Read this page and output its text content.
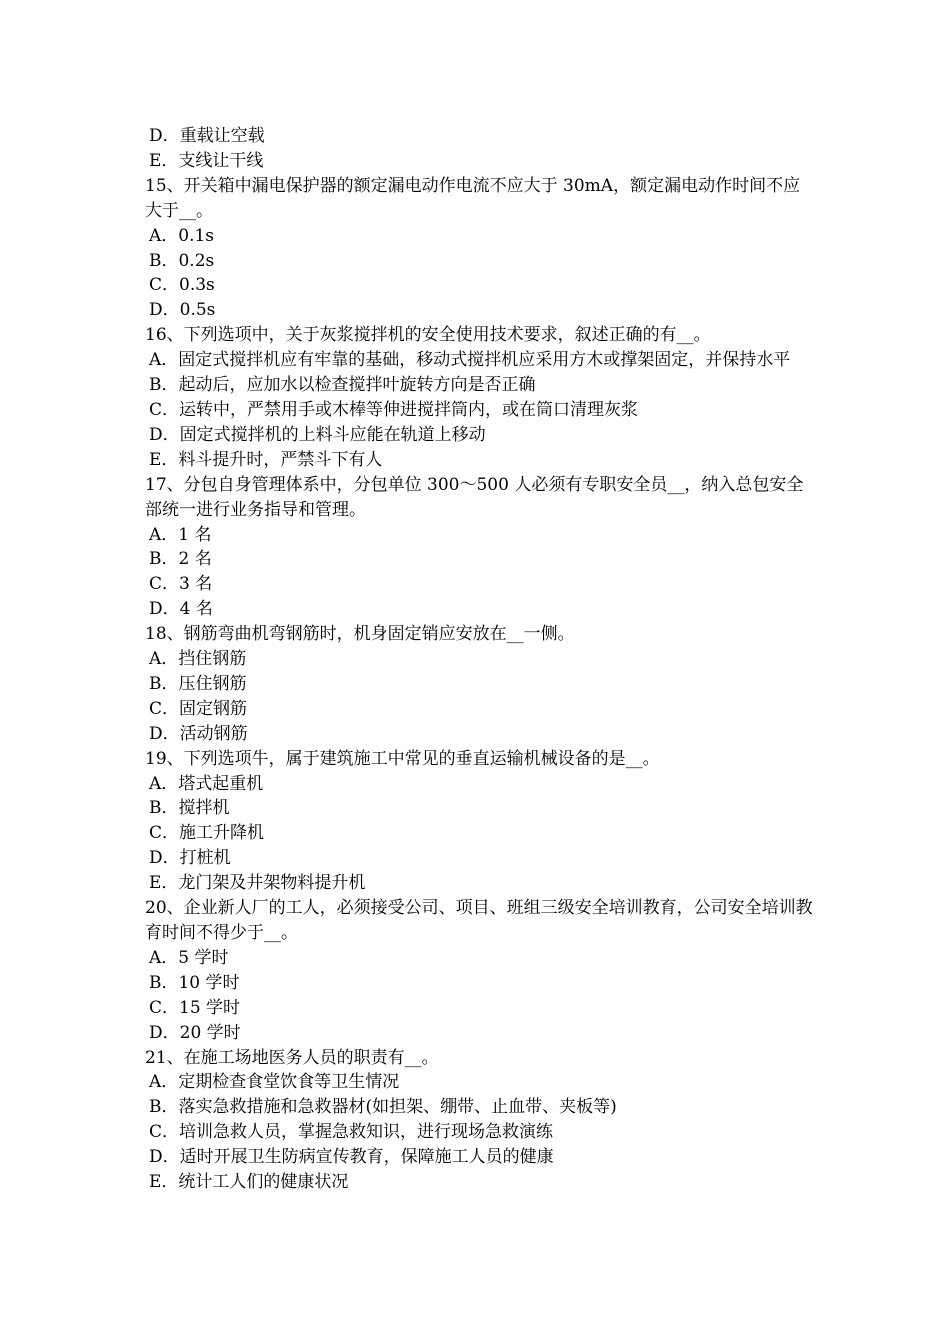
D．重载让空载
E．支线让干线
15、开关箱中漏电保护器的额定漏电动作电流不应大于 30mA，额定漏电动作时间不应大于__。
A．0.1s
B．0.2s
C．0.3s
D．0.5s
16、下列选项中，关于灰浆搅拌机的安全使用技术要求，叙述正确的有__。
A．固定式搅拌机应有牢靠的基础，移动式搅拌机应采用方木或撑架固定，并保持水平
B．起动后，应加水以检查搅拌叶旋转方向是否正确
C．运转中，严禁用手或木棒等伸进搅拌筒内，或在筒口清理灰浆
D．固定式搅拌机的上料斗应能在轨道上移动
E．料斗提升时，严禁斗下有人
17、分包自身管理体系中，分包单位 300～500 人必须有专职安全员__，纳入总包安全部统一进行业务指导和管理。
A．1 名
B．2 名
C．3 名
D．4 名
18、钢筋弯曲机弯钢筋时，机身固定销应安放在__一侧。
A．挡住钢筋
B．压住钢筋
C．固定钢筋
D．活动钢筋
19、下列选项牛，属于建筑施工中常见的垂直运输机械设备的是__。
A．塔式起重机
B．搅拌机
C．施工升降机
D．打桩机
E．龙门架及井架物料提升机
20、企业新人厂的工人，必须接受公司、项目、班组三级安全培训教育，公司安全培训教育时间不得少于__。
A．5 学时
B．10 学时
C．15 学时
D．20 学时
21、在施工场地医务人员的职责有__。
A．定期检查食堂饮食等卫生情况
B．落实急救措施和急救器材(如担架、绷带、止血带、夹板等)
C．培训急救人员，掌握急救知识，进行现场急救演练
D．适时开展卫生防病宣传教育，保障施工人员的健康
E．统计工人们的健康状况
